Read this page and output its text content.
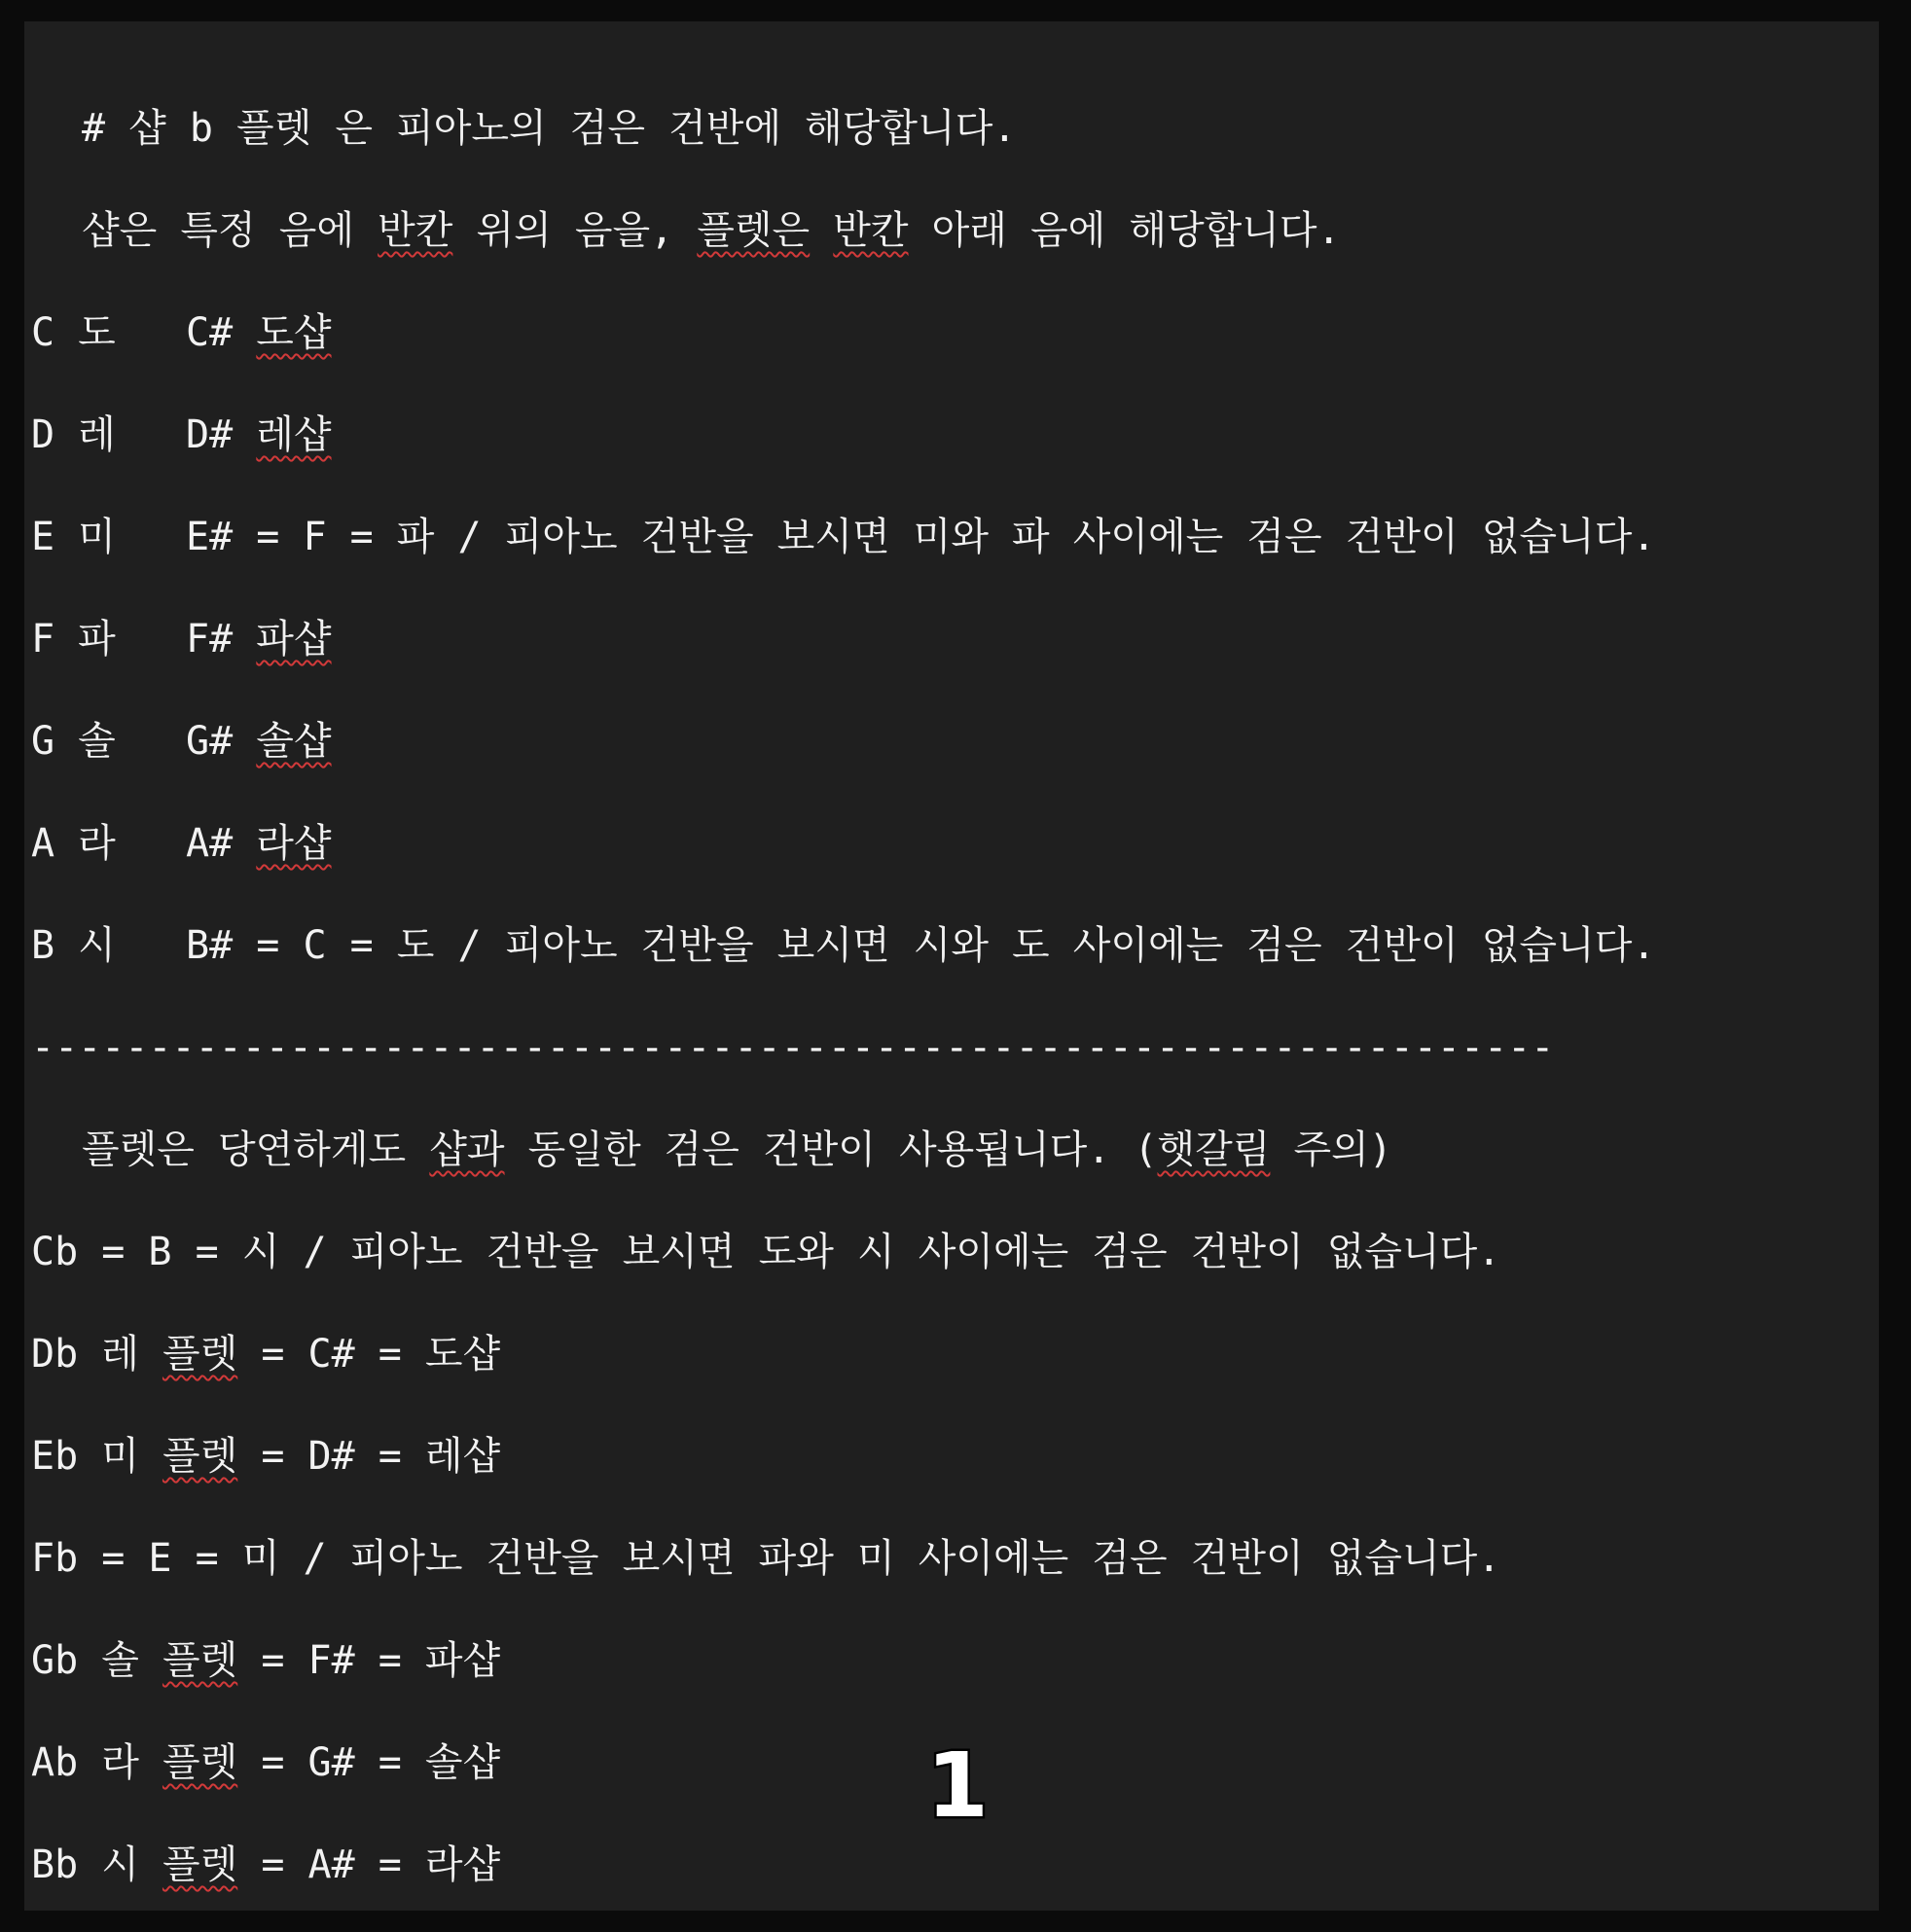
# 샵 b 플렛 은 피아노의 검은 건반에 해당합니다.
샵은 특정 음에 반칸 위의 음을, 플렛은 반칸 아래 음에 해당합니다.
C 도   C# 도샵
D 레   D# 레샵
E 미   E# = F = 파 / 피아노 건반을 보시면 미와 파 사이에는 검은 건반이 없습니다.
F 파   F# 파샵
G 솔   G# 솔샵
A 라   A# 라샵
B 시   B# = C = 도 / 피아노 건반을 보시면 시와 도 사이에는 검은 건반이 없습니다.
-----------------------------------------------------------------
플렛은 당연하게도 샵과 동일한 검은 건반이 사용됩니다. (햇갈림 주의)
Cb = B = 시 / 피아노 건반을 보시면 도와 시 사이에는 검은 건반이 없습니다.
Db 레 플렛 = C# = 도샵
Eb 미 플렛 = D# = 레샵
Fb = E = 미 / 피아노 건반을 보시면 파와 미 사이에는 검은 건반이 없습니다.
Gb 솔 플렛 = F# = 파샵
Ab 라 플렛 = G# = 솔샵
Bb 시 플렛 = A# = 라샵
1
